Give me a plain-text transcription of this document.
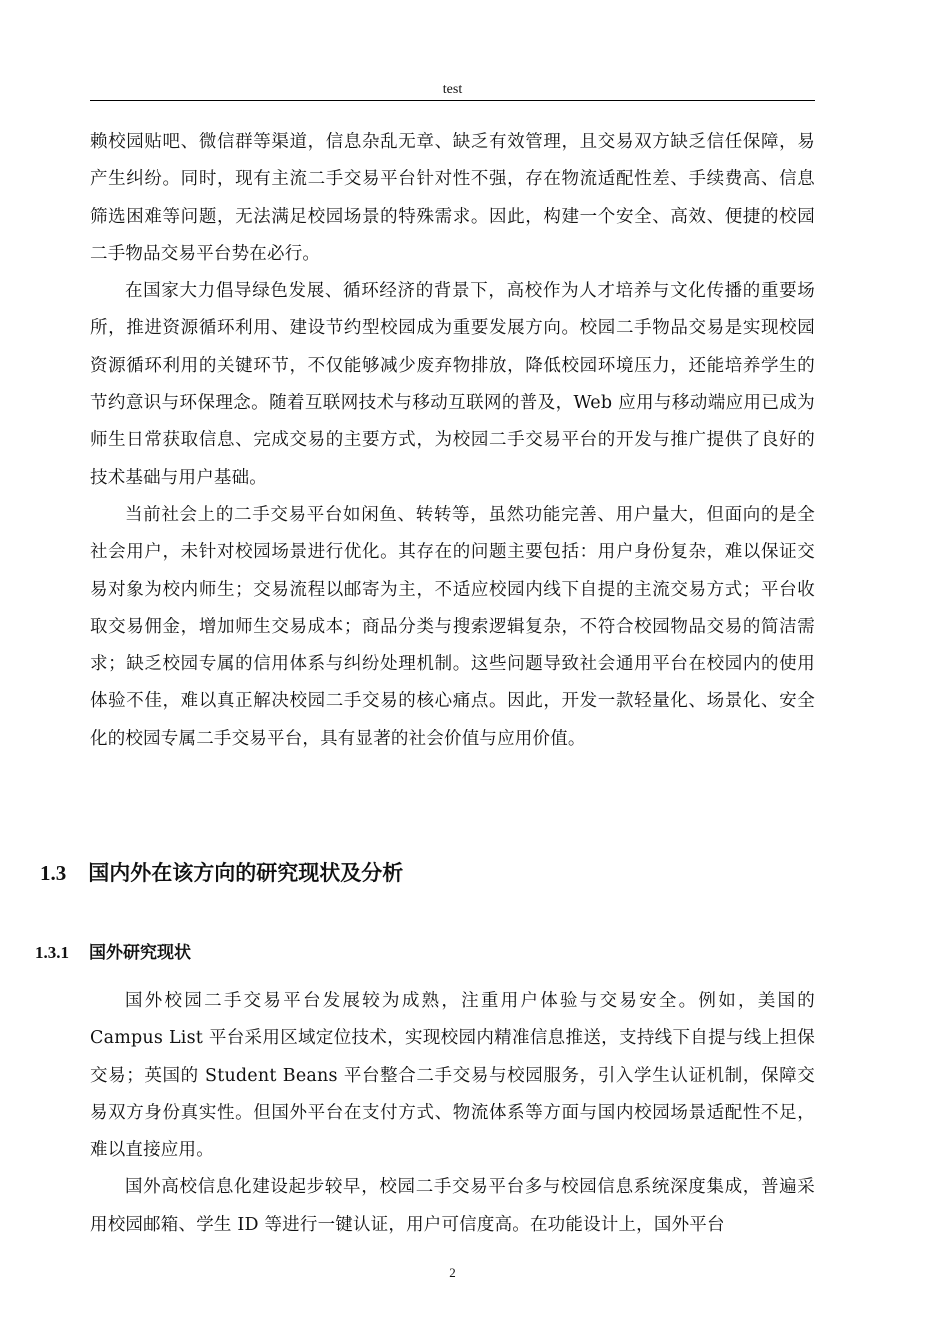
test

赖校园贴吧、微信群等渠道，信息杂乱无章、缺乏有效管理，且交易双方缺乏信任保障，易产生纠纷。同时，现有主流二手交易平台针对性不强，存在物流适配性差、手续费高、信息筛选困难等问题，无法满足校园场景的特殊需求。因此，构建一个安全、高效、便捷的校园二手物品交易平台势在必行。

在国家大力倡导绿色发展、循环经济的背景下，高校作为人才培养与文化传播的重要场所，推进资源循环利用、建设节约型校园成为重要发展方向。校园二手物品交易是实现校园资源循环利用的关键环节，不仅能够减少废弃物排放，降低校园环境压力，还能培养学生的节约意识与环保理念。随着互联网技术与移动互联网的普及，Web 应用与移动端应用已成为师生日常获取信息、完成交易的主要方式，为校园二手交易平台的开发与推广提供了良好的技术基础与用户基础。

当前社会上的二手交易平台如闲鱼、转转等，虽然功能完善、用户量大，但面向的是全社会用户，未针对校园场景进行优化。其存在的问题主要包括：用户身份复杂，难以保证交易对象为校内师生；交易流程以邮寄为主，不适应校园内线下自提的主流交易方式；平台收取交易佣金，增加师生交易成本；商品分类与搜索逻辑复杂，不符合校园物品交易的简洁需求；缺乏校园专属的信用体系与纠纷处理机制。这些问题导致社会通用平台在校园内的使用体验不佳，难以真正解决校园二手交易的核心痛点。因此，开发一款轻量化、场景化、安全化的校园专属二手交易平台，具有显著的社会价值与应用价值。

1.3 国内外在该方向的研究现状及分析
1.3.1 国外研究现状

国外校园二手交易平台发展较为成熟，注重用户体验与交易安全。例如，美国的 Campus List 平台采用区域定位技术，实现校园内精准信息推送，支持线下自提与线上担保交易；英国的 Student Beans 平台整合二手交易与校园服务，引入学生认证机制，保障交易双方身份真实性。但国外平台在支付方式、物流体系等方面与国内校园场景适配性不足，难以直接应用。

国外高校信息化建设起步较早，校园二手交易平台多与校园信息系统深度集成，普遍采用校园邮箱、学生 ID 等进行一键认证，用户可信度高。在功能设计上，国外平台

2
